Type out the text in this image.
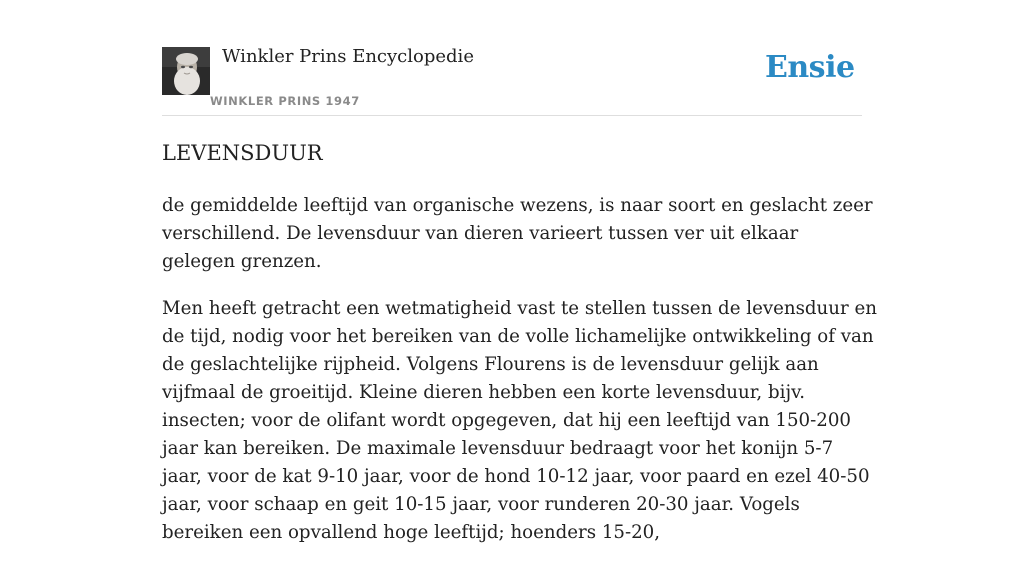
Winkler Prins Encyclopedie
WINKLER PRINS 1947
Ensie
LEVENSDUUR

de gemiddelde leeftijd van organische wezens, is naar soort en geslacht zeer verschillend. De levensduur van dieren varieert tussen ver uit elkaar gelegen grenzen.

Men heeft getracht een wetmatigheid vast te stellen tussen de levensduur en de tijd, nodig voor het bereiken van de volle lichamelijke ontwikkeling of van de geslachtelijke rijpheid. Volgens Flourens is de levensduur gelijk aan vijfmaal de groeitijd. Kleine dieren hebben een korte levensduur, bijv. insecten; voor de olifant wordt opgegeven, dat hij een leeftijd van 150-200 jaar kan bereiken. De maximale levensduur bedraagt voor het konijn 5-7 jaar, voor de kat 9-10 jaar, voor de hond 10-12 jaar, voor paard en ezel 40-50 jaar, voor schaap en geit 10-15 jaar, voor runderen 20-30 jaar. Vogels bereiken een opvallend hoge leeftijd; hoenders 15-20,
